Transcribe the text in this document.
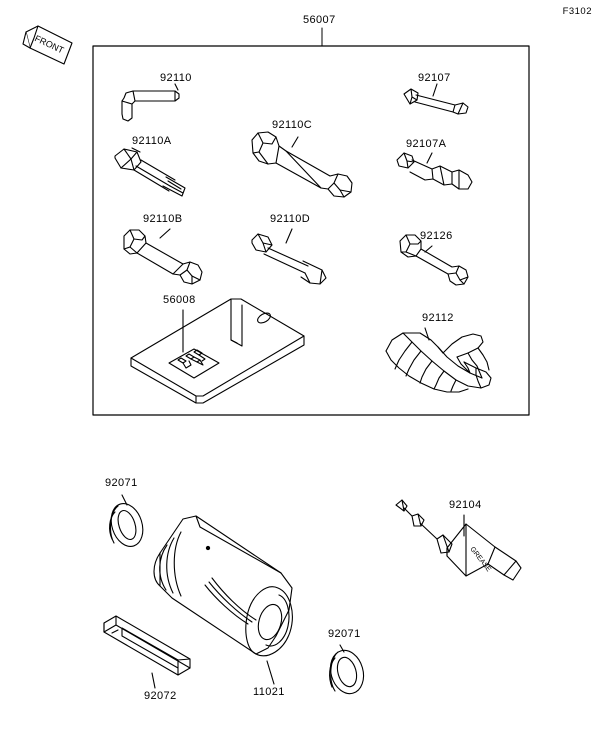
F3102
FRONT
GREASE
56007
92110	92107
92110A
92110C
92107A
92110B	92110D
92126
56008
92112
92071
92104
92071
92072	11021
